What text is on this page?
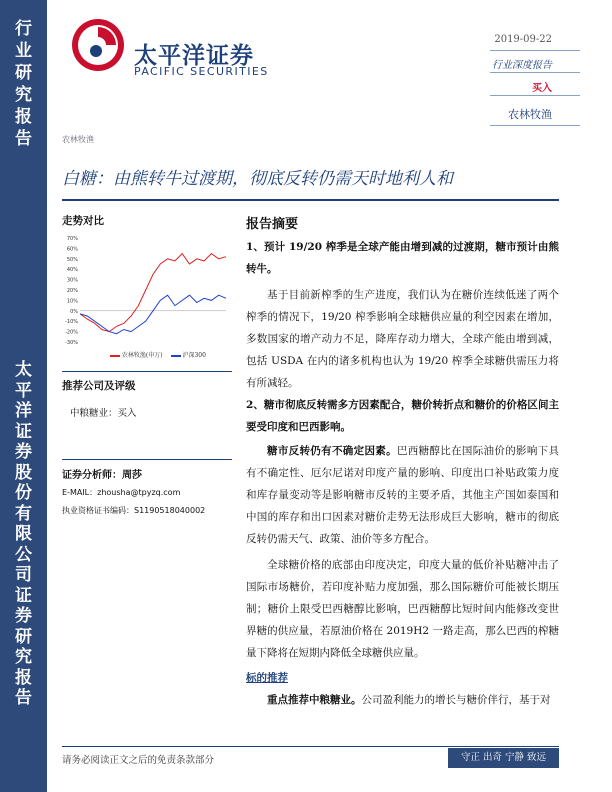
行
业
研
究
报
告
太
平
洋
证
券
股
份
有
限
公
司
证
券
研
究
报
告
太平洋证券
PACIFIC SECURITIES
2019-09-22
行业深度报告
买入
农林牧渔
农林牧渔
白糖：由熊转牛过渡期，彻底反转仍需天时地利人和
走势对比
70%
60%
50%
40%
30%
20%
10%
0%
-10%
-20%
-30%
农林牧渔(申万)	沪深300
推荐公司及评级
中粮糖业：买入
证券分析师：周莎
E-MAIL：zhousha@tpyzq.com
执业资格证书编码：S1190518040002
报告摘要
1、预计 19/20 榨季是全球产能由增到减的过渡期，糖市预计由熊转牛。
基于目前新榨季的生产进度，我们认为在糖价连续低迷了两个榨季的情况下，19/20 榨季影响全球糖供应量的利空因素在增加，多数国家的增产动力不足，降库存动力增大，全球产能由增到减，包括 USDA 在内的诸多机构也认为 19/20 榨季全球糖供需压力将有所减轻。
2、糖市彻底反转需多方因素配合，糖价转折点和糖价的价格区间主要受印度和巴西影响。
糖市反转仍有不确定因素。巴西糖醇比在国际油价的影响下具有不确定性、厄尔尼诺对印度产量的影响、印度出口补贴政策力度和库存量变动等是影响糖市反转的主要矛盾，其他主产国如泰国和中国的库存和出口因素对糖价走势无法形成巨大影响，糖市的彻底反转仍需天气、政策、油价等多方配合。
全球糖价格的底部由印度决定，印度大量的低价补贴糖冲击了国际市场糖价，若印度补贴力度加强，那么国际糖价可能被长期压制；糖价上限受巴西糖醇比影响，巴西糖醇比短时间内能修改变世界糖的供应量，若原油价格在 2019H2 一路走高，那么巴西的榨糖量下降将在短期内降低全球糖供应量。
标的推荐
重点推荐中粮糖业。公司盈利能力的增长与糖价伴行，基于对
请务必阅读正文之后的免责条款部分	守正 出奇 宁静 致远
